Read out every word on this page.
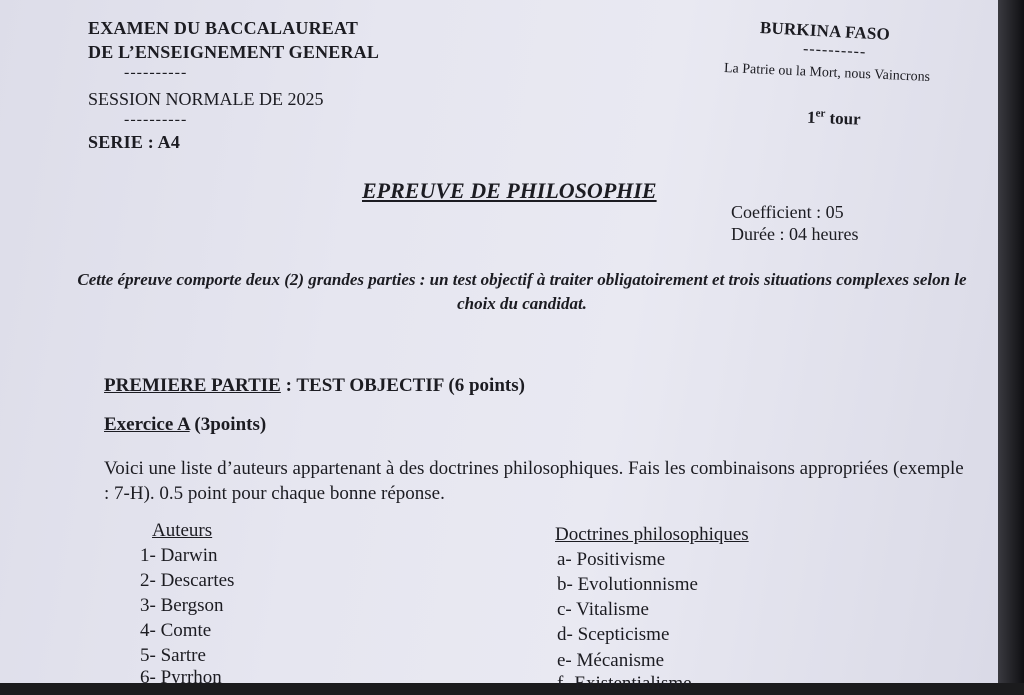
EXAMEN DU BACCALAUREAT
DE L’ENSEIGNEMENT GENERAL
----------
SESSION NORMALE DE 2025
----------
SERIE : A4
BURKINA FASO
----------
La Patrie ou la Mort, nous Vaincrons
1er tour
EPREUVE DE PHILOSOPHIE
Coefficient : 05
Durée : 04 heures
Cette épreuve comporte deux (2) grandes parties : un test objectif à traiter obligatoirement et trois situations complexes selon le choix du candidat.
PREMIERE PARTIE : TEST OBJECTIF (6 points)
Exercice A (3points)
Voici une liste d’auteurs appartenant à des doctrines philosophiques. Fais les combinaisons appropriées (exemple : 7-H). 0.5 point pour chaque bonne réponse.
Auteurs
1- Darwin
2- Descartes
3- Bergson
4- Comte
5- Sartre
6- Pyrrhon
Doctrines philosophiques
a- Positivisme
b- Evolutionnisme
c- Vitalisme
d- Scepticisme
e- Mécanisme
f- Existentialisme
